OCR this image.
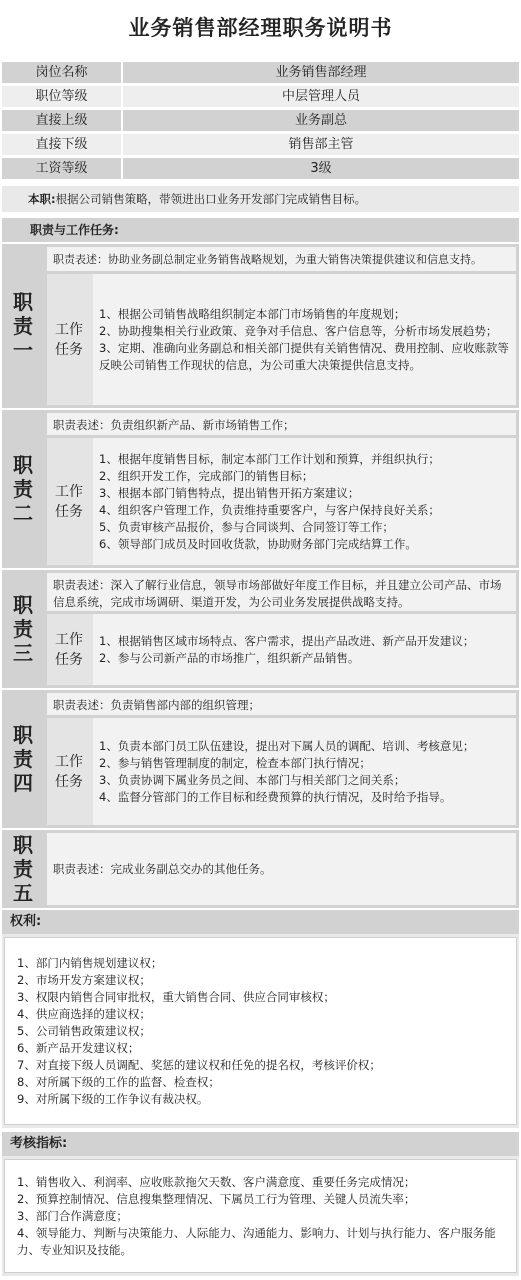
业务销售部经理职务说明书
岗位名称	业务销售部经理
职位等级	中层管理人员
直接上级	业务副总
直接下级	销售部主管
工资等级	3级
本职:根据公司销售策略，带领进出口业务开发部门完成销售目标。
职责与工作任务:
职
责
一
职责表述：协助业务副总制定业务销售战略规划，为重大销售决策提供建议和信息支持。
工作
任务
1、根据公司销售战略组织制定本部门市场销售的年度规划；
2、协助搜集相关行业政策、竞争对手信息、客户信息等，分析市场发展趋势；
3、定期、准确向业务副总和相关部门提供有关销售情况、费用控制、应收账款等反映公司销售工作现状的信息，为公司重大决策提供信息支持。
职
责
二
职责表述：负责组织新产品、新市场销售工作；
工作
任务
1、根据年度销售目标，制定本部门工作计划和预算，并组织执行；
2、组织开发工作，完成部门的销售目标；
3、根据本部门销售特点，提出销售开拓方案建议；
4、组织客户管理工作，负责维持重要客户，与客户保持良好关系；
5、负责审核产品报价，参与合同谈判、合同签订等工作；
6、领导部门成员及时回收货款，协助财务部门完成结算工作。
职
责
三
职责表述：深入了解行业信息，领导市场部做好年度工作目标，并且建立公司产品、市场信息系统，完成市场调研、渠道开发，为公司业务发展提供战略支持。
工作
任务
1、根据销售区域市场特点、客户需求，提出产品改进、新产品开发建议；
2、参与公司新产品的市场推广，组织新产品销售。
职
责
四
职责表述：负责销售部内部的组织管理；
工作
任务
1、负责本部门员工队伍建设，提出对下属人员的调配、培训、考核意见；
2、参与销售管理制度的制定，检查本部门执行情况；
3、负责协调下属业务员之间、本部门与相关部门之间关系；
4、监督分管部门的工作目标和经费预算的执行情况，及时给予指导。
职
责
五
职责表述：完成业务副总交办的其他任务。
权利:
1、部门内销售规划建议权；
2、市场开发方案建议权；
3、权限内销售合同审批权，重大销售合同、供应合同审核权；
4、供应商选择的建议权；
5、公司销售政策建议权；
6、新产品开发建议权；
7、对直接下级人员调配、奖惩的建议权和任免的提名权，考核评价权；
8、对所属下级的工作的监督、检查权；
9、对所属下级的工作争议有裁决权。
考核指标:
1、销售收入、利润率、应收账款拖欠天数、客户满意度、重要任务完成情况；
2、预算控制情况、信息搜集整理情况、下属员工行为管理、关键人员流失率；
3、部门合作满意度；
4、领导能力、判断与决策能力、人际能力、沟通能力、影响力、计划与执行能力、客户服务能力、专业知识及技能。
